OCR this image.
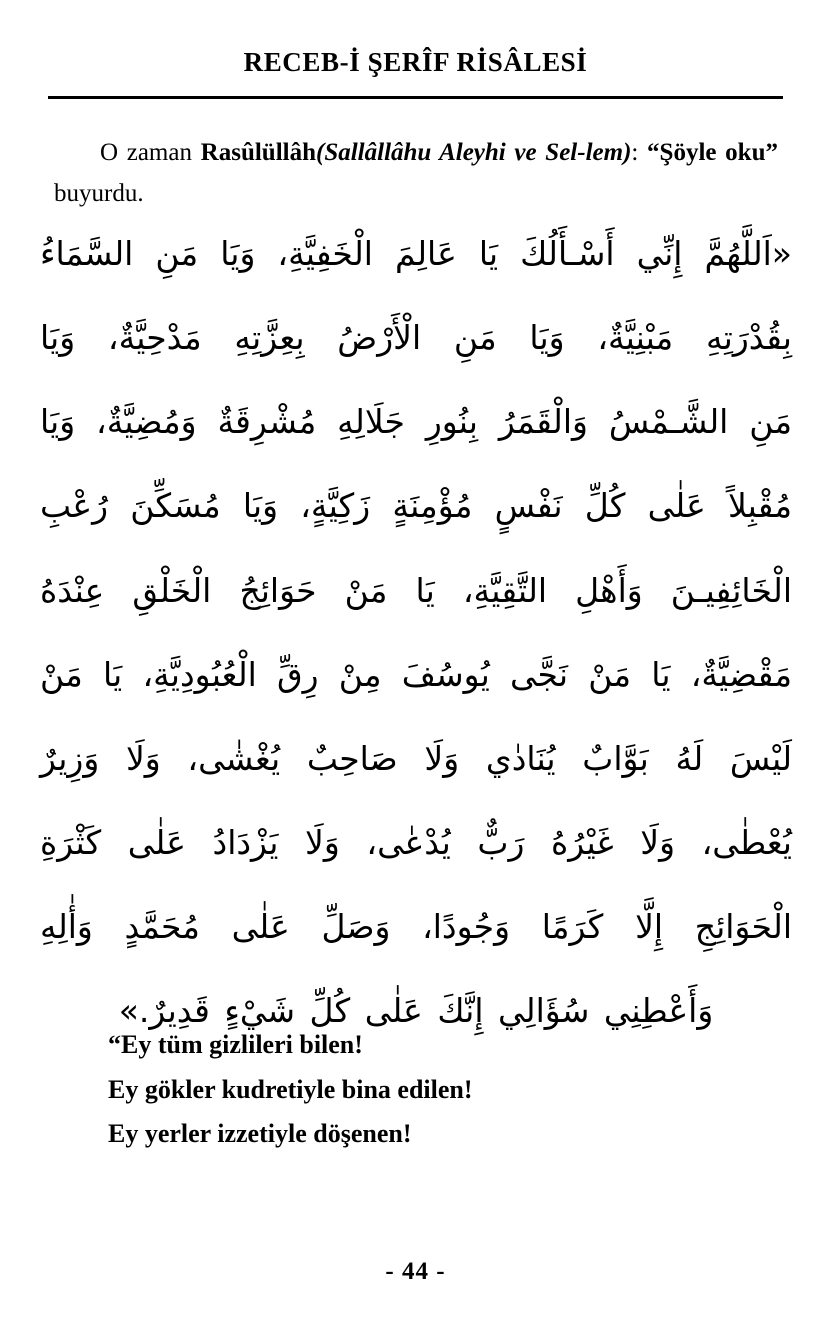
RECEB-İ ŞERÎF RİSÂLESİ

O zaman Rasûlüllâh(Sallâllâhu Aleyhi ve Sel-lem): “Şöyle oku” buyurdu.

«اَللَّهُمَّ إِنِّي أَسْـأَلُكَ يَا عَالِمَ الْخَفِيَّةِ، وَيَا مَنِ السَّمَاءُ
بِقُدْرَتِهِ مَبْنِيَّةٌ، وَيَا مَنِ الْأَرْضُ بِعِزَّتِهِ مَدْحِيَّةٌ، وَيَا
مَنِ الشَّـمْسُ وَالْقَمَرُ بِنُورِ جَلَالِهِ مُشْرِقَةٌ وَمُضِيَّةٌ، وَيَا
مُقْبِلاً عَلٰى كُلِّ نَفْسٍ مُؤْمِنَةٍ زَكِيَّةٍ، وَيَا مُسَكِّنَ رُعْبِ
الْخَائِفِيـنَ وَأَهْلِ التَّقِيَّةِ، يَا مَنْ حَوَائِجُ الْخَلْقِ عِنْدَهُ
مَقْضِيَّةٌ، يَا مَنْ نَجَّى يُوسُفَ مِنْ رِقِّ الْعُبُودِيَّةِ، يَا مَنْ
لَيْسَ لَهُ بَوَّابٌ يُنَادٰي وَلَا صَاحِبٌ يُغْشٰى، وَلَا وَزِيرٌ
يُعْطٰى، وَلَا غَيْرُهُ رَبٌّ يُدْعٰى، وَلَا يَزْدَادُ عَلٰى كَثْرَةِ
الْحَوَائِجِ إِلَّا كَرَمًا وَجُودًا، وَصَلِّ عَلٰى مُحَمَّدٍ وَأٰلِهِ
وَأَعْطِنِي سُؤَالِي إِنَّكَ عَلٰى كُلِّ شَيْءٍ قَدِيرٌ.»
“Ey tüm gizlileri bilen!
Ey gökler kudretiyle bina edilen!
Ey yerler izzetiyle döşenen!
- 44 -
